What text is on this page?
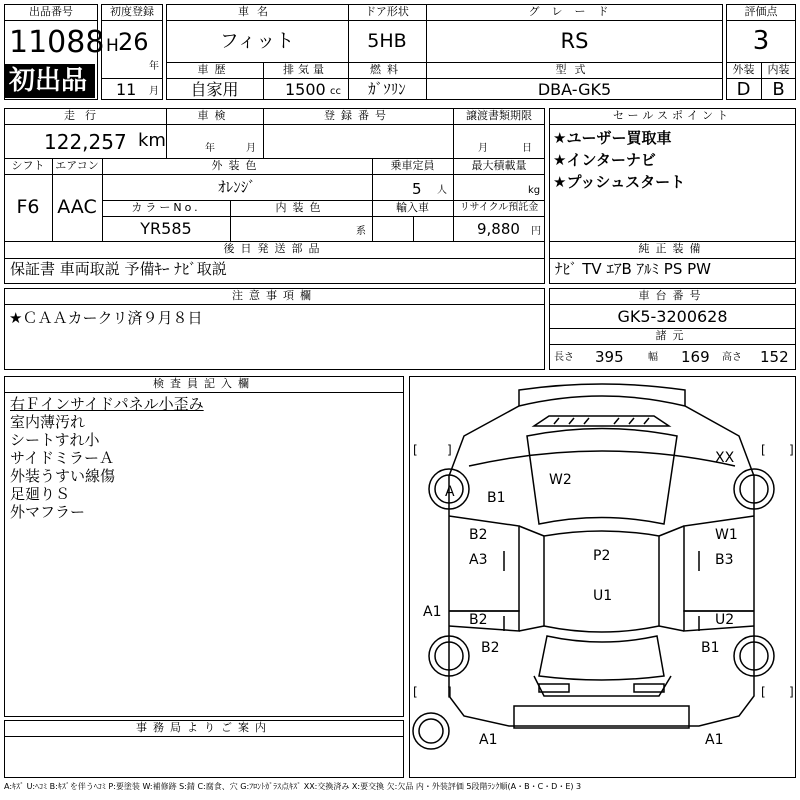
出品番号
11088
初出品
初度登録
H 26
年
11 月
車名
フィット
ドア形状
5HB
グレード
RS
車歴
自家用
排気量
1500 cc
燃料
ｶﾞｿﾘﾝ
型式
DBA-GK5
評価点
3
外装
D
内装
B
走行
122,257 km
車検
年	月
登録番号	譲渡書類期限
月	日
シフト
F6
エアコン
AAC
外装色
ｵﾚﾝｼﾞ
乗車定員
5 人
最大積載量
kg
カラーNo.
YR585
内装色
系
輸入車	リサイクル預託金
9,880 円
後日発送部品
保証書 車両取説 予備ｷｰ ﾅﾋﾞ取説
セールスポイント
★ユーザー買取車
★インターナビ
★プッシュスタート
純正装備
ﾅﾋﾞ TV ｴｱB ｱﾙﾐ PS PW
注意事項欄
★ＣＡＡカークリ済９月８日
車台番号
GK5-3200628
諸元
長さ 395 幅 169 高さ 152
検査員記入欄
右Ｆインサイドパネル小歪み
室内薄汚れ
シートすれ小
サイドミラーＡ
外装うすい線傷
足廻りＳ
外マフラー
事務局よりご案内
W2
XX
A B1
B2
A3
W1
B3
P2
U1
A1 B2	U2
B2	B1
A1	A1
[ ]	[ ]
[ ]	[ ]
A:ｷｽﾞ U:ﾍｺﾐ B:ｷｽﾞを伴うﾍｺﾐ P:要塗装 W:補修跡 S:錆 C:腐食、穴 G:ﾌﾛﾝﾄｶﾞﾗｽ点ｷｽﾞ XX:交換済み X:要交換 欠:欠品 内・外装評価 5段階ﾗﾝｸ順(A・B・C・D・E) 3
